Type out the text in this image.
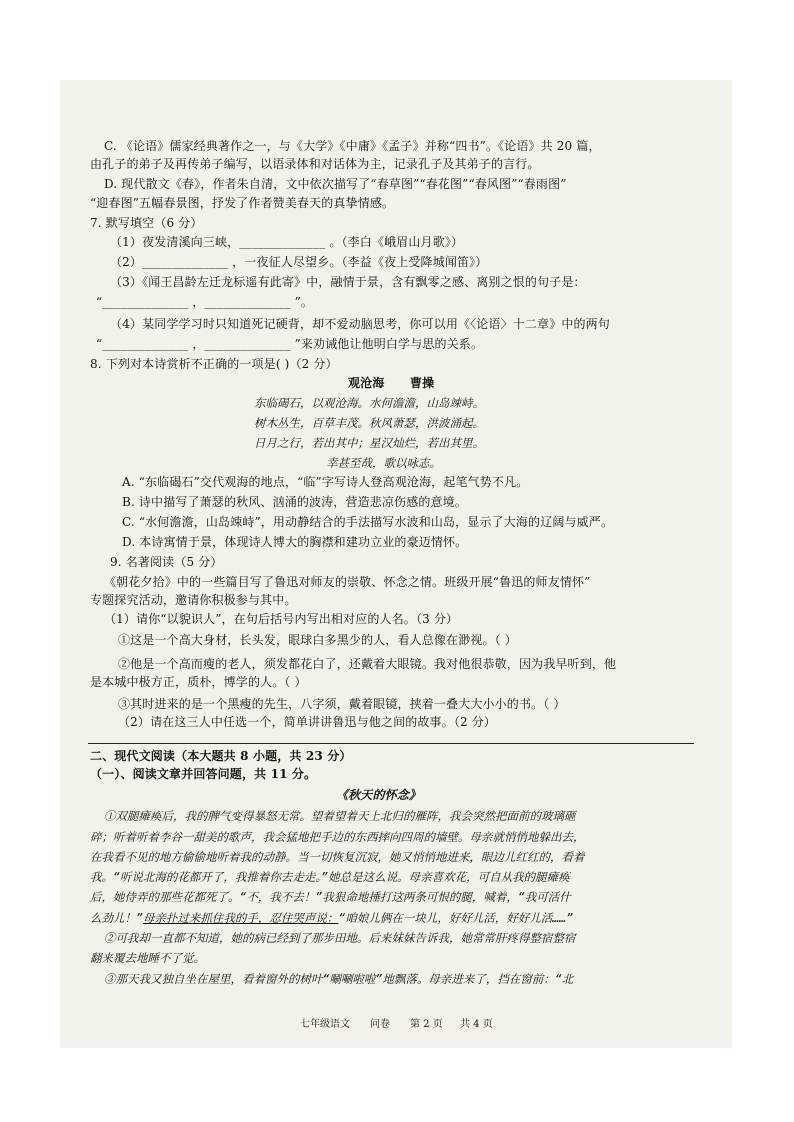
C. 《论语》儒家经典著作之一，与《大学》《中庸》《孟子》并称“四书”。《论语》共 20 篇，
由孔子的弟子及再传弟子编写，以语录体和对话体为主，记录孔子及其弟子的言行。
D. 现代散文《春》，作者朱自清，文中依次描写了“春草图”“春花图”“春风图”“春雨图”
“迎春图”五幅春景图，抒发了作者赞美春天的真挚情感。
7. 默写填空（6 分）
（1）夜发清溪向三峡，______________ 。（李白《峨眉山月歌》）
（2）______________ ，一夜征人尽望乡。（李益《夜上受降城闻笛》）
（3）《闻王昌龄左迁龙标遥有此寄》中，融情于景，含有飘零之感、离别之恨的句子是：
“______________ ，______________ ”。
（4）某同学学习时只知道死记硬背，却不爱动脑思考，你可以用《〈论语〉十二章》中的两句
“______________ ，______________ ”来劝诫他让他明白学与思的关系。
8. 下列对本诗赏析不正确的一项是( )（2 分）
观沧海 曹操
东临碣石，以观沧海。水何澹澹，山岛竦峙。
树木丛生，百草丰茂。秋风萧瑟，洪波涌起。
日月之行，若出其中；星汉灿烂，若出其里。
幸甚至哉，歌以咏志。
A. “东临碣石”交代观海的地点，“临”字写诗人登高观沧海，起笔气势不凡。
B. 诗中描写了萧瑟的秋风、汹涌的波涛，营造悲凉伤感的意境。
C. “水何澹澹，山岛竦峙”，用动静结合的手法描写水波和山岛，显示了大海的辽阔与威严。
D. 本诗寓情于景，体现诗人博大的胸襟和建功立业的豪迈情怀。
9. 名著阅读（5 分）
《朝花夕拾》中的一些篇目写了鲁迅对师友的崇敬、怀念之情。班级开展“鲁迅的师友情怀”
专题探究活动，邀请你积极参与其中。
（1）请你“以貌识人”，在句后括号内写出相对应的人名。（3 分）
①这是一个高大身材，长头发，眼球白多黑少的人，看人总像在渺视。（ ）
②他是一个高而瘦的老人，须发都花白了，还戴着大眼镜。我对他很恭敬，因为我早听到，他
是本城中极方正，质朴，博学的人。（ ）
③其时进来的是一个黑瘦的先生，八字须，戴着眼镜，挟着一叠大大小小的书。（ ）
（2）请在这三人中任选一个，简单讲讲鲁迅与他之间的故事。（2 分）
二、现代文阅读（本大题共 8 小题，共 23 分）
（一）、阅读文章并回答问题，共 11 分。
《秋天的怀念》
①双腿瘫痪后，我的脾气变得暴怒无常。望着望着天上北归的雁阵，我会突然把面前的玻璃砸
碎；听着听着李谷一甜美的歌声，我会猛地把手边的东西摔向四周的墙壁。母亲就悄悄地躲出去，
在我看不见的地方偷偷地听着我的动静。当一切恢复沉寂，她又悄悄地进来，眼边儿红红的，看着
我。“听说北海的花都开了，我推着你去走走。”她总是这么说。母亲喜欢花，可自从我的腿瘫痪
后，她侍弄的那些花都死了。“不，我不去！”我狠命地捶打这两条可恨的腿，喊着，“我可活什
么劲儿！”母亲扑过来抓住我的手，忍住哭声说：“咱娘儿俩在一块儿，好好儿活，好好儿活……”
②可我却一直都不知道，她的病已经到了那步田地。后来妹妹告诉我，她常常肝疼得整宿整宿
翻来覆去地睡不了觉。
③那天我又独自坐在屋里，看着窗外的树叶“唰唰啦啦”地飘落。母亲进来了，挡在窗前：“北
七年级语文 问卷 第 2 页 共 4 页
